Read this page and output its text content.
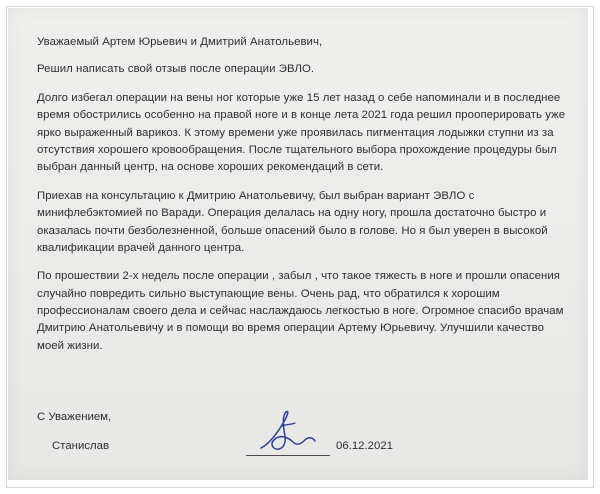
Уважаемый Артем Юрьевич и Дмитрий Анатольевич,
Решил написать свой отзыв после операции ЭВЛО.
Долго избегал операции на вены ног которые уже 15 лет назад о себе напоминали и в последнее
время обострились особенно на правой ноге и в конце лета 2021 года решил прооперировать уже
ярко выраженный варикоз. К этому времени уже проявилась пигментация лодыжки ступни из за
отсутствия хорошего кровообращения. После тщательного выбора прохождение процедуры был
выбран данный центр, на основе хороших рекомендаций в сети.
Приехав на консультацию к Дмитрию Анатольевичу, был выбран вариант ЭВЛО с
минифлебэктомией по Варади. Операция делалась на одну ногу, прошла достаточно быстро и
оказалась почти безболезненной, больше опасений было в голове. Но я был уверен в высокой
квалификации врачей данного центра.
По прошествии 2-х недель после операции , забыл , что такое тяжесть в ноге и прошли опасения
случайно повредить сильно выступающие вены. Очень рад, что обратился к хорошим
профессионалам своего дела и сейчас наслаждаюсь легкостью в ноге. Огромное спасибо врачам
Дмитрию Анатольевичу и в помощи во время операции Артему Юрьевичу. Улучшили качество
моей жизни.
С Уважением,
Станислав	06.12.2021
